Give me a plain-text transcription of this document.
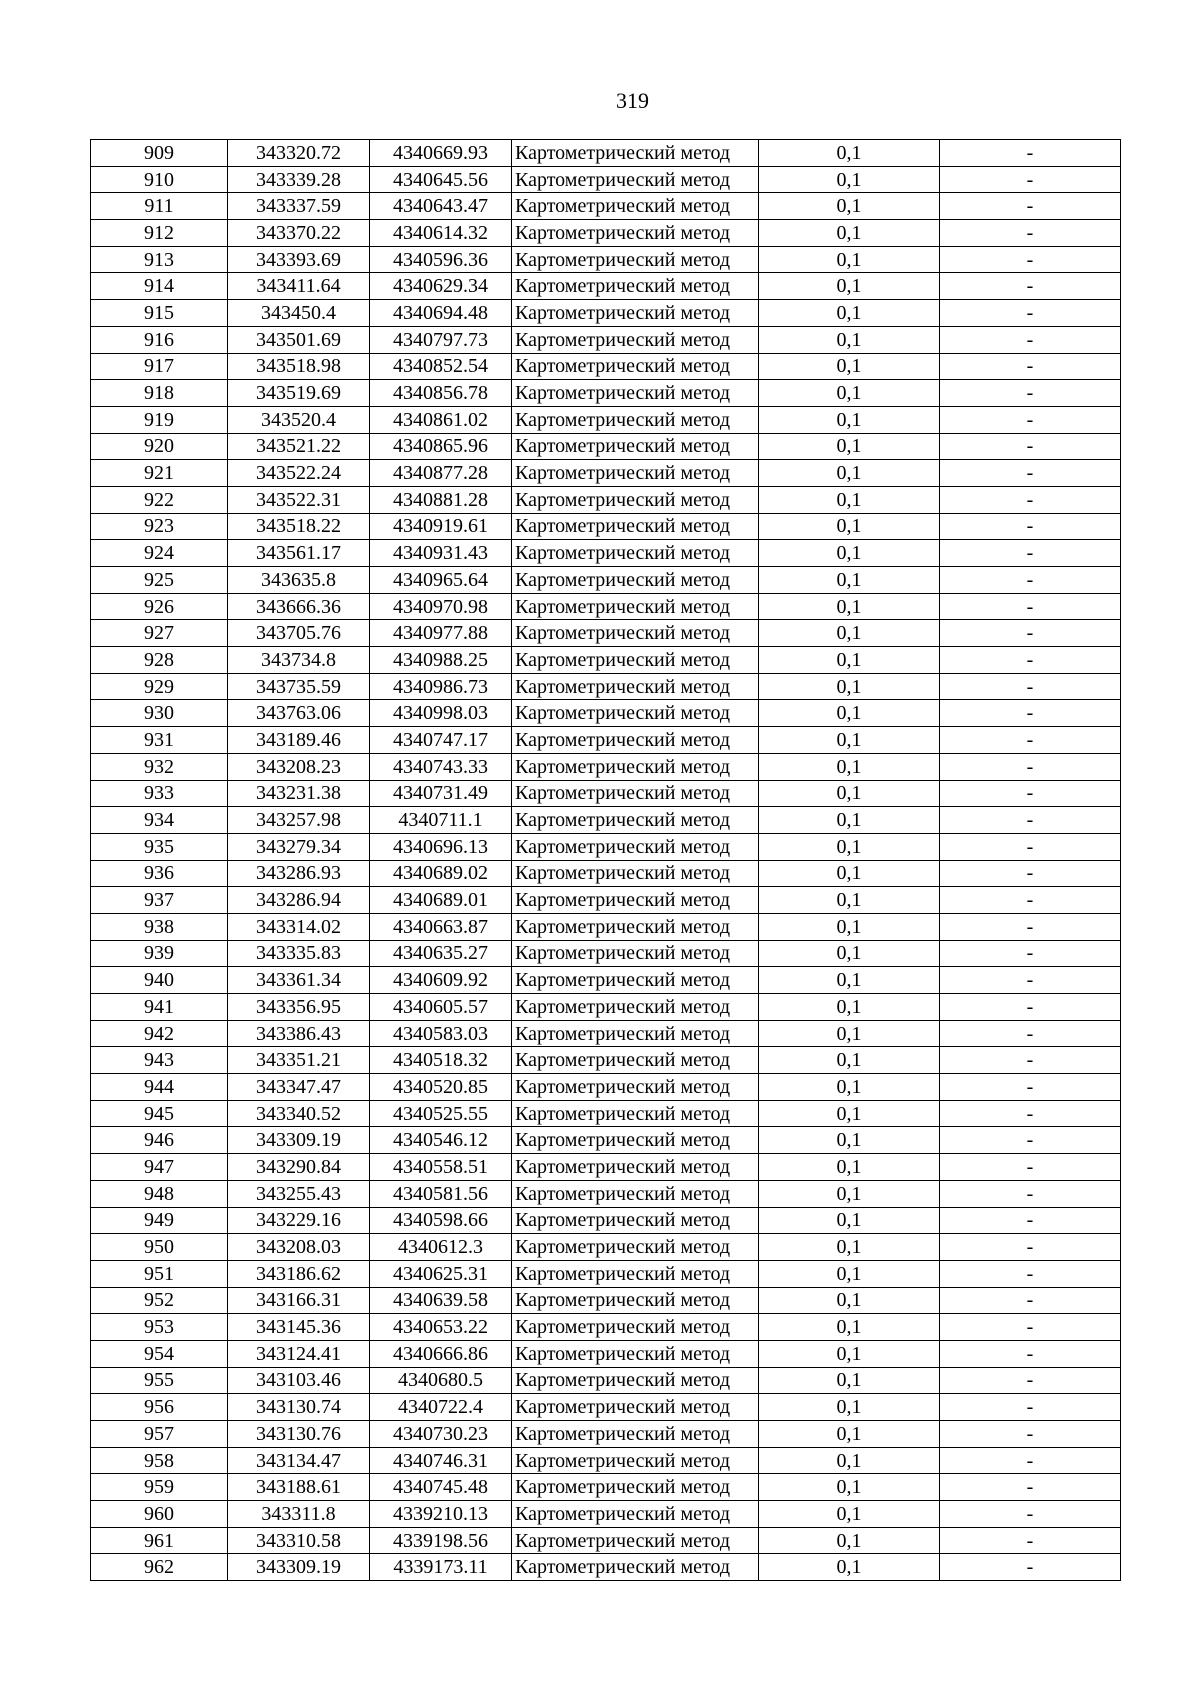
319
909	343320.72	4340669.93	Картометрический метод	0,1	-
910	343339.28	4340645.56	Картометрический метод	0,1	-
911	343337.59	4340643.47	Картометрический метод	0,1	-
912	343370.22	4340614.32	Картометрический метод	0,1	-
913	343393.69	4340596.36	Картометрический метод	0,1	-
914	343411.64	4340629.34	Картометрический метод	0,1	-
915	343450.4	4340694.48	Картометрический метод	0,1	-
916	343501.69	4340797.73	Картометрический метод	0,1	-
917	343518.98	4340852.54	Картометрический метод	0,1	-
918	343519.69	4340856.78	Картометрический метод	0,1	-
919	343520.4	4340861.02	Картометрический метод	0,1	-
920	343521.22	4340865.96	Картометрический метод	0,1	-
921	343522.24	4340877.28	Картометрический метод	0,1	-
922	343522.31	4340881.28	Картометрический метод	0,1	-
923	343518.22	4340919.61	Картометрический метод	0,1	-
924	343561.17	4340931.43	Картометрический метод	0,1	-
925	343635.8	4340965.64	Картометрический метод	0,1	-
926	343666.36	4340970.98	Картометрический метод	0,1	-
927	343705.76	4340977.88	Картометрический метод	0,1	-
928	343734.8	4340988.25	Картометрический метод	0,1	-
929	343735.59	4340986.73	Картометрический метод	0,1	-
930	343763.06	4340998.03	Картометрический метод	0,1	-
931	343189.46	4340747.17	Картометрический метод	0,1	-
932	343208.23	4340743.33	Картометрический метод	0,1	-
933	343231.38	4340731.49	Картометрический метод	0,1	-
934	343257.98	4340711.1	Картометрический метод	0,1	-
935	343279.34	4340696.13	Картометрический метод	0,1	-
936	343286.93	4340689.02	Картометрический метод	0,1	-
937	343286.94	4340689.01	Картометрический метод	0,1	-
938	343314.02	4340663.87	Картометрический метод	0,1	-
939	343335.83	4340635.27	Картометрический метод	0,1	-
940	343361.34	4340609.92	Картометрический метод	0,1	-
941	343356.95	4340605.57	Картометрический метод	0,1	-
942	343386.43	4340583.03	Картометрический метод	0,1	-
943	343351.21	4340518.32	Картометрический метод	0,1	-
944	343347.47	4340520.85	Картометрический метод	0,1	-
945	343340.52	4340525.55	Картометрический метод	0,1	-
946	343309.19	4340546.12	Картометрический метод	0,1	-
947	343290.84	4340558.51	Картометрический метод	0,1	-
948	343255.43	4340581.56	Картометрический метод	0,1	-
949	343229.16	4340598.66	Картометрический метод	0,1	-
950	343208.03	4340612.3	Картометрический метод	0,1	-
951	343186.62	4340625.31	Картометрический метод	0,1	-
952	343166.31	4340639.58	Картометрический метод	0,1	-
953	343145.36	4340653.22	Картометрический метод	0,1	-
954	343124.41	4340666.86	Картометрический метод	0,1	-
955	343103.46	4340680.5	Картометрический метод	0,1	-
956	343130.74	4340722.4	Картометрический метод	0,1	-
957	343130.76	4340730.23	Картометрический метод	0,1	-
958	343134.47	4340746.31	Картометрический метод	0,1	-
959	343188.61	4340745.48	Картометрический метод	0,1	-
960	343311.8	4339210.13	Картометрический метод	0,1	-
961	343310.58	4339198.56	Картометрический метод	0,1	-
962	343309.19	4339173.11	Картометрический метод	0,1	-
